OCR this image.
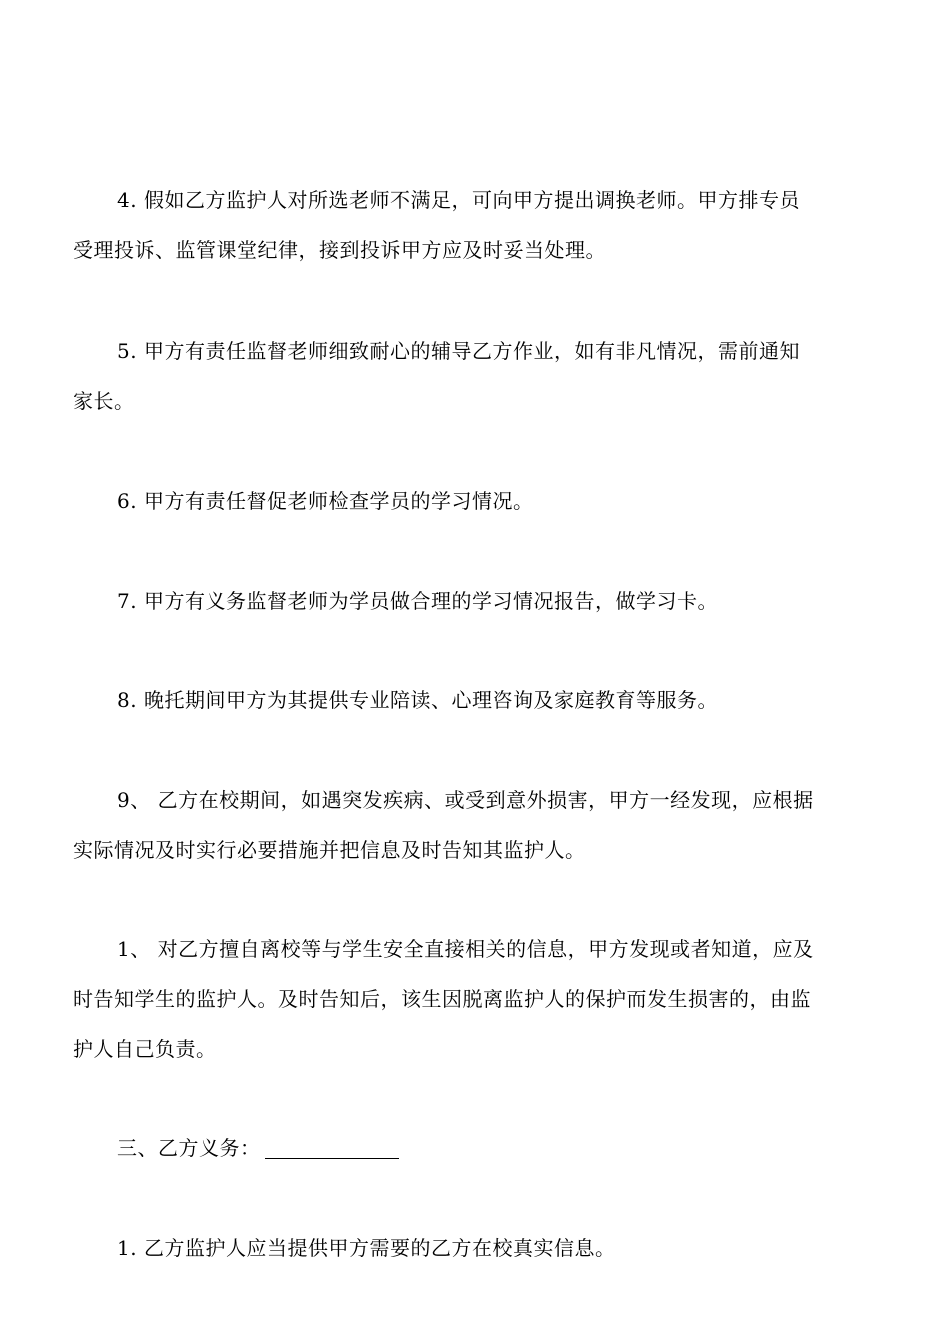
4. 假如乙方监护人对所选老师不满足，可向甲方提出调换老师。甲方排专员
受理投诉、监管课堂纪律，接到投诉甲方应及时妥当处理。
5. 甲方有责任监督老师细致耐心的辅导乙方作业，如有非凡情况，需前通知
家长。
6. 甲方有责任督促老师检查学员的学习情况。
7. 甲方有义务监督老师为学员做合理的学习情况报告，做学习卡。
8. 晚托期间甲方为其提供专业陪读、心理咨询及家庭教育等服务。
9、 乙方在校期间，如遇突发疾病、或受到意外损害，甲方一经发现，应根据
实际情况及时实行必要措施并把信息及时告知其监护人。
1、 对乙方擅自离校等与学生安全直接相关的信息，甲方发现或者知道，应及
时告知学生的监护人。及时告知后，该生因脱离监护人的保护而发生损害的，由监
护人自己负责。
三、乙方义务：
1. 乙方监护人应当提供甲方需要的乙方在校真实信息。
